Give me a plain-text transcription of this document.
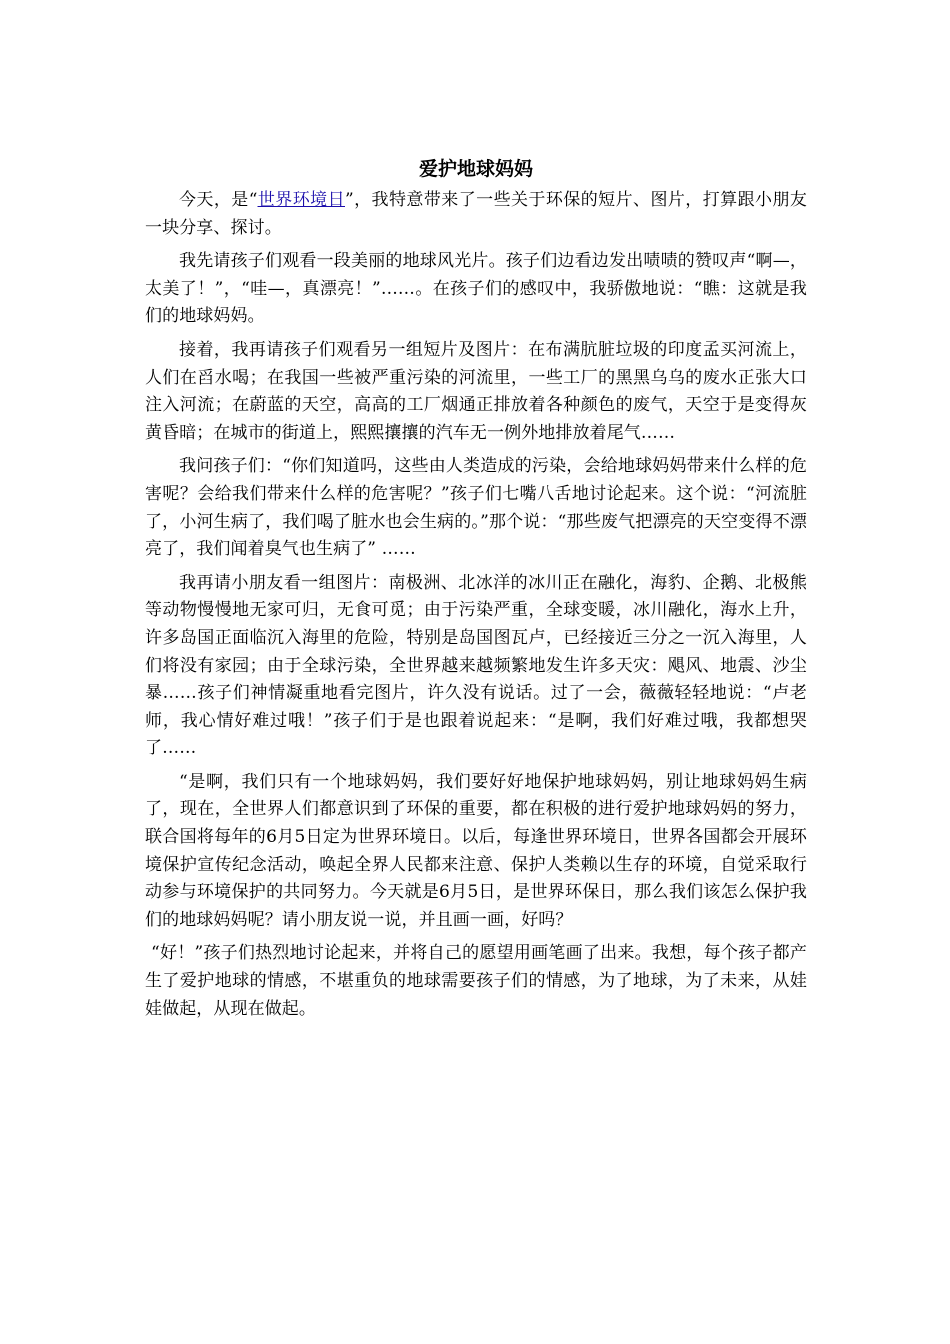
爱护地球妈妈

今天，是“世界环境日”，我特意带来了一些关于环保的短片、图片，打算跟小朋友一块分享、探讨。

我先请孩子们观看一段美丽的地球风光片。孩子们边看边发出啧啧的赞叹声“啊—，太美了！”，“哇—，真漂亮！”……。在孩子们的感叹中，我骄傲地说：“瞧：这就是我们的地球妈妈。

接着，我再请孩子们观看另一组短片及图片：在布满肮脏垃圾的印度孟买河流上，人们在舀水喝；在我国一些被严重污染的河流里，一些工厂的黑黑乌乌的废水正张大口注入河流；在蔚蓝的天空，高高的工厂烟通正排放着各种颜色的废气，天空于是变得灰黄昏暗；在城市的街道上，熙熙攘攘的汽车无一例外地排放着尾气……

我问孩子们：“你们知道吗，这些由人类造成的污染，会给地球妈妈带来什么样的危害呢？会给我们带来什么样的危害呢？”孩子们七嘴八舌地讨论起来。这个说：“河流脏了，小河生病了，我们喝了脏水也会生病的。”那个说：“那些废气把漂亮的天空变得不漂亮了，我们闻着臭气也生病了” ……

我再请小朋友看一组图片：南极洲、北冰洋的冰川正在融化，海豹、企鹅、北极熊等动物慢慢地无家可归，无食可觅；由于污染严重，全球变暖，冰川融化，海水上升，许多岛国正面临沉入海里的危险，特别是岛国图瓦卢，已经接近三分之一沉入海里，人们将没有家园；由于全球污染，全世界越来越频繁地发生许多天灾：飓风、地震、沙尘暴……孩子们神情凝重地看完图片，许久没有说话。过了一会，薇薇轻轻地说：“卢老师，我心情好难过哦！”孩子们于是也跟着说起来：“是啊，我们好难过哦，我都想哭了……

“是啊，我们只有一个地球妈妈，我们要好好地保护地球妈妈，别让地球妈妈生病了，现在，全世界人们都意识到了环保的重要，都在积极的进行爱护地球妈妈的努力，联合国将每年的6月5日定为世界环境日。以后，每逢世界环境日，世界各国都会开展环境保护宣传纪念活动，唤起全界人民都来注意、保护人类赖以生存的环境，自觉采取行动参与环境保护的共同努力。今天就是6月5日，是世界环保日，那么我们该怎么保护我们的地球妈妈呢？请小朋友说一说，并且画一画，好吗？

“好！”孩子们热烈地讨论起来，并将自己的愿望用画笔画了出来。我想，每个孩子都产生了爱护地球的情感，不堪重负的地球需要孩子们的情感，为了地球，为了未来，从娃娃做起，从现在做起。
